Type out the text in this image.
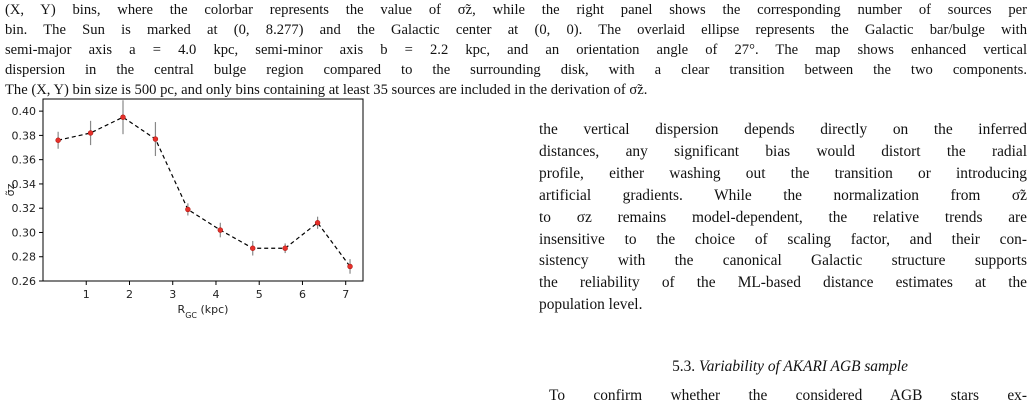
(X, Y) bins, where the colorbar represents the value of σ̃z, while the right panel shows the corresponding number of sources per
bin. The Sun is marked at (0, 8.277) and the Galactic center at (0, 0). The overlaid ellipse represents the Galactic bar/bulge with
semi-major axis a = 4.0 kpc, semi-minor axis b = 2.2 kpc, and an orientation angle of 27°. The map shows enhanced vertical
dispersion in the central bulge region compared to the surrounding disk, with a clear transition between the two components.
The (X, Y) bin size is 500 pc, and only bins containing at least 35 sources are included in the derivation of σ̃z.
0.26
0.28
0.30
0.32
0.34
0.36
0.38
0.40
1	2	3	4	5	6	7
$R_{GC}$ (kpc)
σ̃z
the vertical dispersion depends directly on the inferred
distances, any significant bias would distort the radial
profile, either washing out the transition or introducing
artificial gradients. While the normalization from σ̃z
to σz remains model-dependent, the relative trends are
insensitive to the choice of scaling factor, and their con-
sistency with the canonical Galactic structure supports
the reliability of the ML-based distance estimates at the
population level.
5.3. Variability of AKARI AGB sample
To confirm whether the considered AGB stars ex-
